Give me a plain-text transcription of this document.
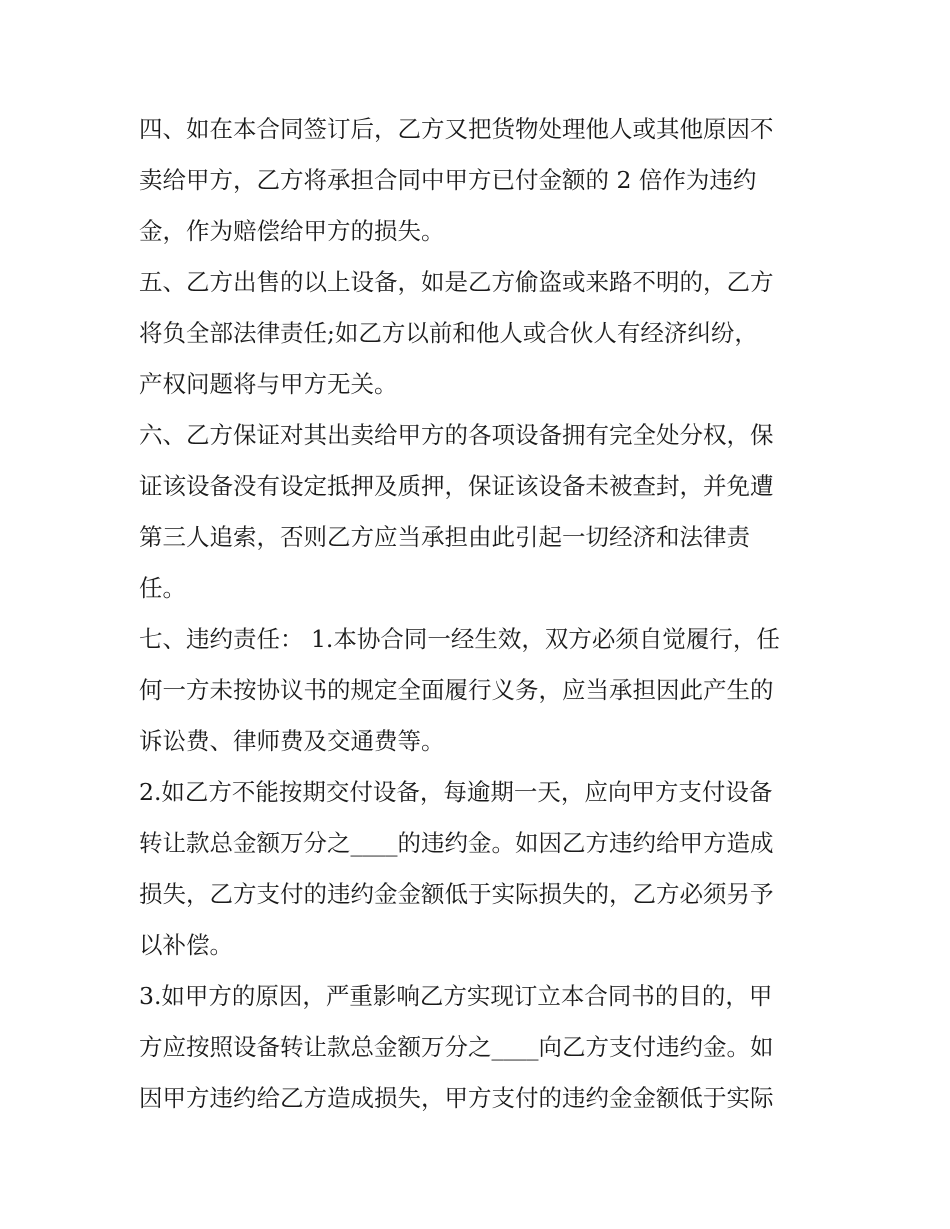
四、如在本合同签订后，乙方又把货物处理他人或其他原因不
卖给甲方，乙方将承担合同中甲方已付金额的 2 倍作为违约
金，作为赔偿给甲方的损失。
五、乙方出售的以上设备，如是乙方偷盗或来路不明的，乙方
将负全部法律责任;如乙方以前和他人或合伙人有经济纠纷，
产权问题将与甲方无关。
六、乙方保证对其出卖给甲方的各项设备拥有完全处分权，保
证该设备没有设定抵押及质押，保证该设备未被查封，并免遭
第三人追索，否则乙方应当承担由此引起一切经济和法律责
任。
七、违约责任： 1.本协合同一经生效，双方必须自觉履行，任
何一方未按协议书的规定全面履行义务，应当承担因此产生的
诉讼费、律师费及交通费等。
2.如乙方不能按期交付设备，每逾期一天，应向甲方支付设备
转让款总金额万分之____的违约金。如因乙方违约给甲方造成
损失，乙方支付的违约金金额低于实际损失的，乙方必须另予
以补偿。
3.如甲方的原因，严重影响乙方实现订立本合同书的目的，甲
方应按照设备转让款总金额万分之____向乙方支付违约金。如
因甲方违约给乙方造成损失，甲方支付的违约金金额低于实际
